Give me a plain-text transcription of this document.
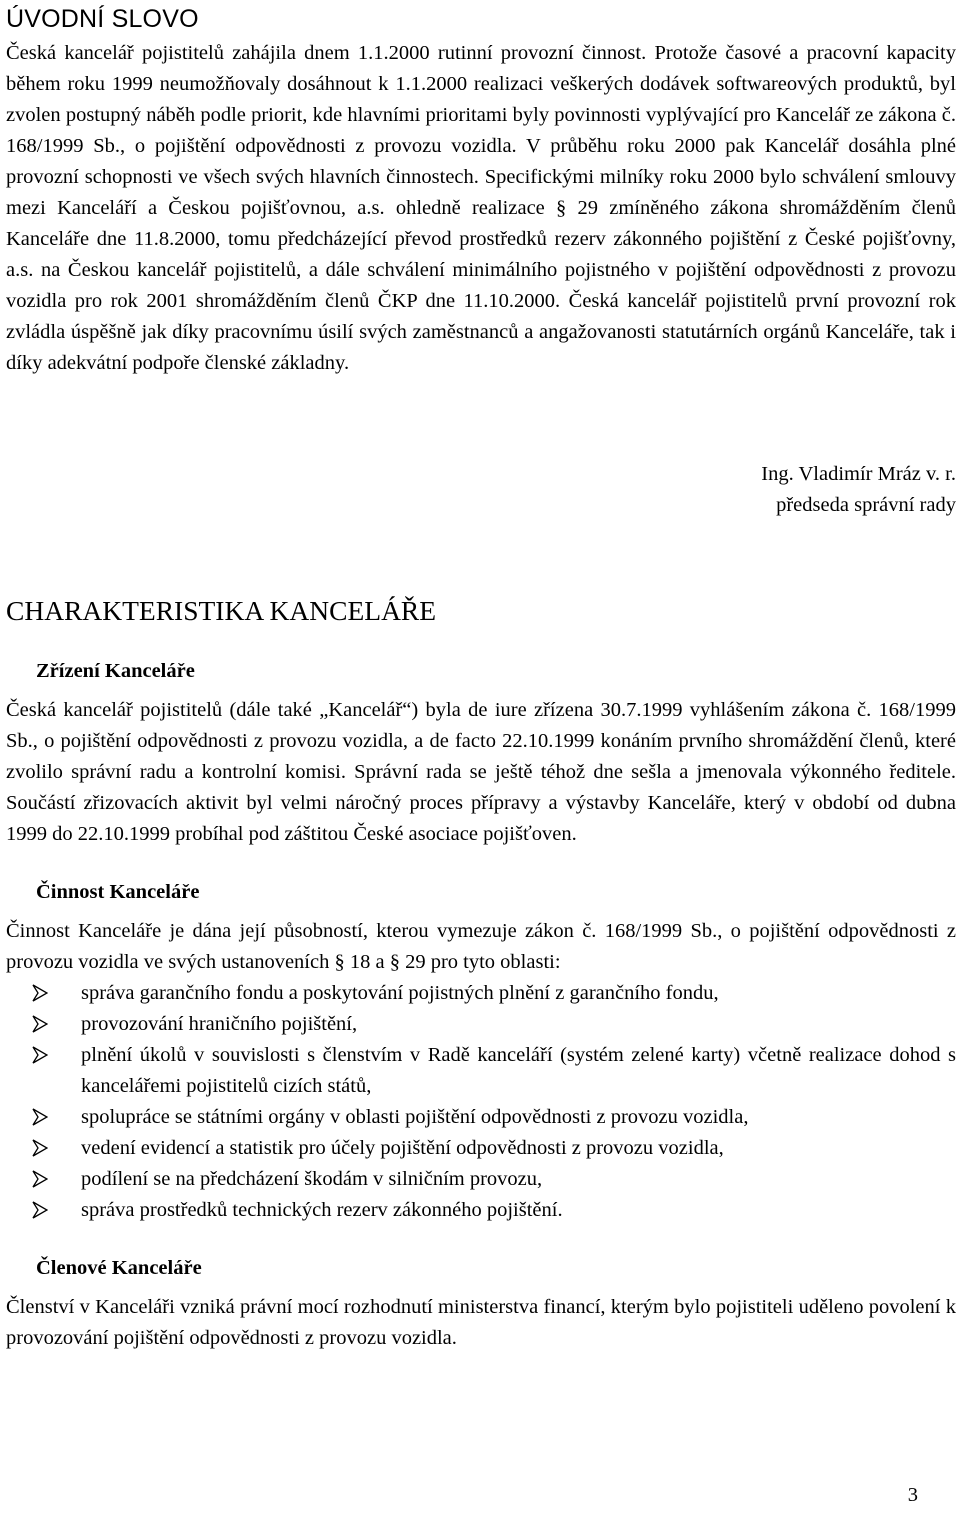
ÚVODNÍ SLOVO

Česká kancelář pojistitelů zahájila dnem 1.1.2000 rutinní provozní činnost. Protože časové a pracovní kapacity během roku 1999 neumožňovaly dosáhnout k 1.1.2000 realizaci veškerých dodávek softwareových produktů, byl zvolen postupný náběh podle priorit, kde hlavními prioritami byly povinnosti vyplývající pro Kancelář ze zákona č. 168/1999 Sb., o pojištění odpovědnosti z provozu vozidla. V průběhu roku 2000 pak Kancelář dosáhla plné provozní schopnosti ve všech svých hlavních činnostech. Specifickými milníky roku 2000 bylo schválení smlouvy mezi Kanceláří a Českou pojišťovnou, a.s. ohledně realizace § 29 zmíněného zákona shromážděním členů Kanceláře dne 11.8.2000, tomu předcházející převod prostředků rezerv zákonného pojištění z České pojišťovny, a.s. na Českou kancelář pojistitelů, a dále schválení minimálního pojistného v pojištění odpovědnosti z provozu vozidla pro rok 2001 shromážděním členů ČKP dne 11.10.2000. Česká kancelář pojistitelů první provozní rok zvládla úspěšně jak díky pracovnímu úsilí svých zaměstnanců a angažovanosti statutárních orgánů Kanceláře, tak i díky adekvátní podpoře členské základny.

Ing. Vladimír Mráz v. r.
předseda správní rady
CHARAKTERISTIKA KANCELÁŘE
Zřízení Kanceláře

Česká kancelář pojistitelů (dále také „Kancelář“) byla de iure zřízena 30.7.1999 vyhlášením zákona č. 168/1999 Sb., o pojištění odpovědnosti z provozu vozidla, a de facto 22.10.1999 konáním prvního shromáždění členů, které zvolilo správní radu a kontrolní komisi. Správní rada se ještě téhož dne sešla a jmenovala výkonného ředitele. Součástí zřizovacích aktivit byl velmi náročný proces přípravy a výstavby Kanceláře, který v období od dubna 1999 do 22.10.1999 probíhal pod záštitou České asociace pojišťoven.

Činnost Kanceláře

Činnost Kanceláře je dána její působností, kterou vymezuje zákon č. 168/1999 Sb., o pojištění odpovědnosti z provozu vozidla ve svých ustanoveních § 18 a § 29 pro tyto oblasti:

správa garančního fondu a poskytování pojistných plnění z garančního fondu,
provozování hraničního pojištění,
plnění úkolů v souvislosti s členstvím v Radě kanceláří (systém zelené karty) včetně realizace dohod s kancelářemi pojistitelů cizích států,
spolupráce se státními orgány v oblasti pojištění odpovědnosti z provozu vozidla,
vedení evidencí a statistik pro účely pojištění odpovědnosti z provozu vozidla,
podílení se na předcházení škodám v silničním provozu,
správa prostředků technických rezerv zákonného pojištění.
Členové Kanceláře

Členství v Kanceláři vzniká právní mocí rozhodnutí ministerstva financí, kterým bylo pojistiteli uděleno povolení k provozování pojištění odpovědnosti z provozu vozidla.

3
